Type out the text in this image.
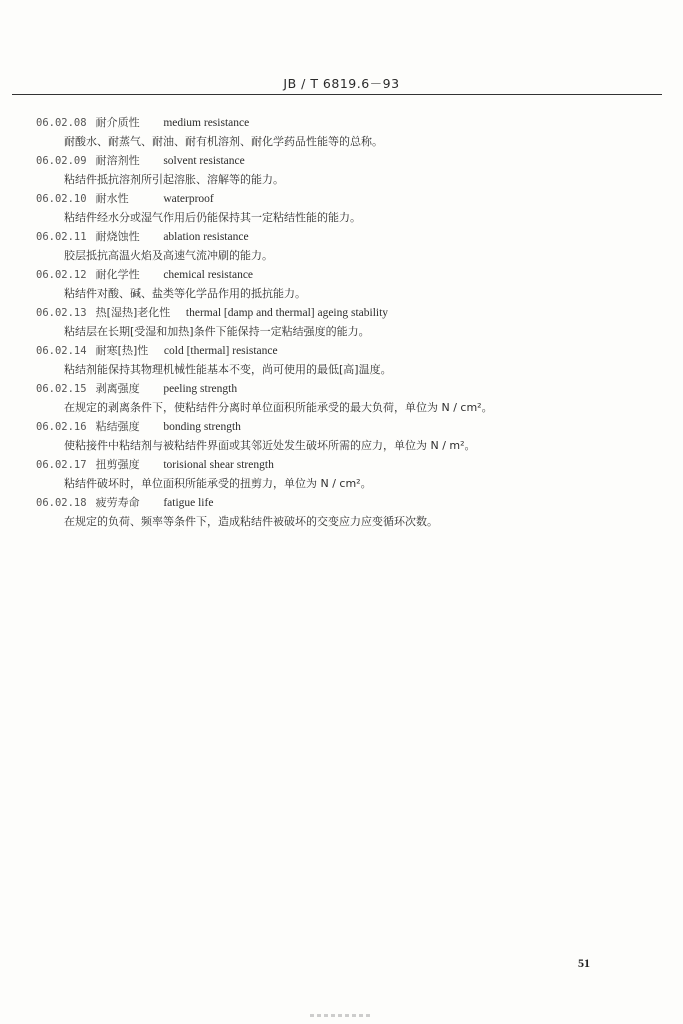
JB / T 6819.6－93
06.02.08 耐介质性 medium resistance
耐酸水、耐蒸气、耐油、耐有机溶剂、耐化学药品性能等的总称。
06.02.09 耐溶剂性 solvent resistance
粘结件抵抗溶剂所引起溶胀、溶解等的能力。
06.02.10 耐水性	waterproof
粘结件经水分或湿气作用后仍能保持其一定粘结性能的能力。
06.02.11 耐烧蚀性 ablation resistance
胶层抵抗高温火焰及高速气流冲刷的能力。
06.02.12 耐化学性 chemical resistance
粘结件对酸、碱、盐类等化学品作用的抵抗能力。
06.02.13 热[湿热]老化性 thermal [damp and thermal] ageing stability
粘结层在长期[受湿和加热]条件下能保持一定粘结强度的能力。
06.02.14 耐寒[热]性 cold [thermal] resistance
粘结剂能保持其物理机械性能基本不变，尚可使用的最低[高]温度。
06.02.15 剥离强度 peeling strength
在规定的剥离条件下，使粘结件分离时单位面积所能承受的最大负荷，单位为 N / cm²。
06.02.16 粘结强度 bonding strength
使粘接件中粘结剂与被粘结件界面或其邻近处发生破坏所需的应力，单位为 N / m²。
06.02.17 扭剪强度 torisional shear strength
粘结件破坏时，单位面积所能承受的扭剪力，单位为 N / cm²。
06.02.18 疲劳寿命 fatigue life
在规定的负荷、频率等条件下，造成粘结件被破坏的交变应力应变循环次数。
51
